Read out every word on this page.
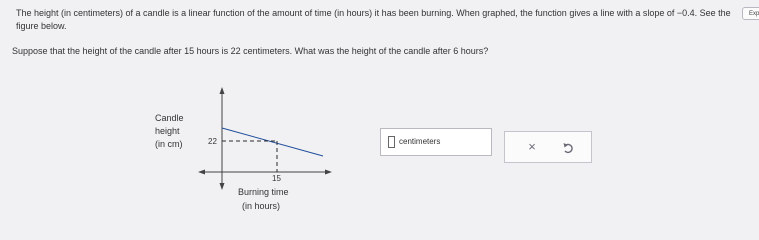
The height (in centimeters) of a candle is a linear function of the amount of time (in hours) it has been burning. When graphed, the function gives a line with a slope of −0.4. See the figure below.
Exp
Suppose that the height of the candle after 15 hours is 22 centimeters. What was the height of the candle after 6 hours?
Candle
height
(in cm)	22
15
Burning time
(in hours)
centimeters	×
